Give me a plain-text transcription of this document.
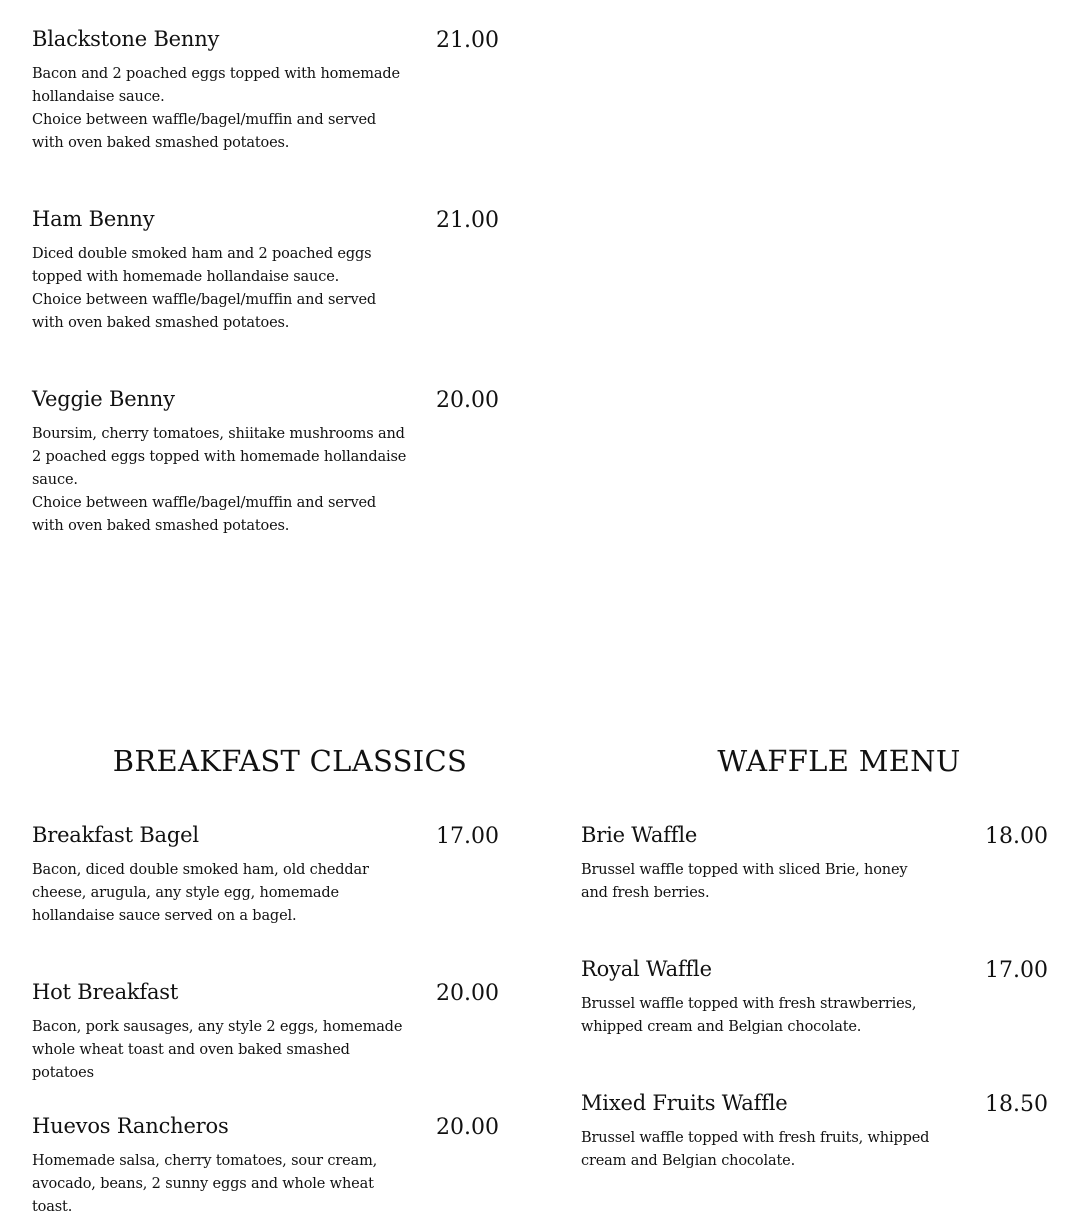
Blackstone Benny	21.00

Bacon and 2 poached eggs topped with homemade hollandaise sauce.

Choice between waffle/bagel/muffin and served with oven baked smashed potatoes.

Ham Benny	21.00

Diced double smoked ham and 2 poached eggs topped with homemade hollandaise sauce.

Choice between waffle/bagel/muffin and served with oven baked smashed potatoes.

Veggie Benny	20.00

Boursim, cherry tomatoes, shiitake mushrooms and 2 poached eggs topped with homemade hollandaise sauce.

Choice between waffle/bagel/muffin and served with oven baked smashed potatoes.

BREAKFAST CLASSICS	WAFFLE MENU
Breakfast Bagel	17.00

Bacon, diced double smoked ham, old cheddar cheese, arugula, any style egg, homemade hollandaise sauce served on a bagel.

Hot Breakfast	20.00

Bacon, pork sausages, any style 2 eggs, homemade whole wheat toast and oven baked smashed potatoes

Huevos Rancheros	20.00

Homemade salsa, cherry tomatoes, sour cream, avocado, beans, 2 sunny eggs and whole wheat toast.

Brie Waffle	18.00

Brussel waffle topped with sliced Brie, honey and fresh berries.

Royal Waffle	17.00

Brussel waffle topped with fresh strawberries, whipped cream and Belgian chocolate.

Mixed Fruits Waffle	18.50

Brussel waffle topped with fresh fruits, whipped cream and Belgian chocolate.
